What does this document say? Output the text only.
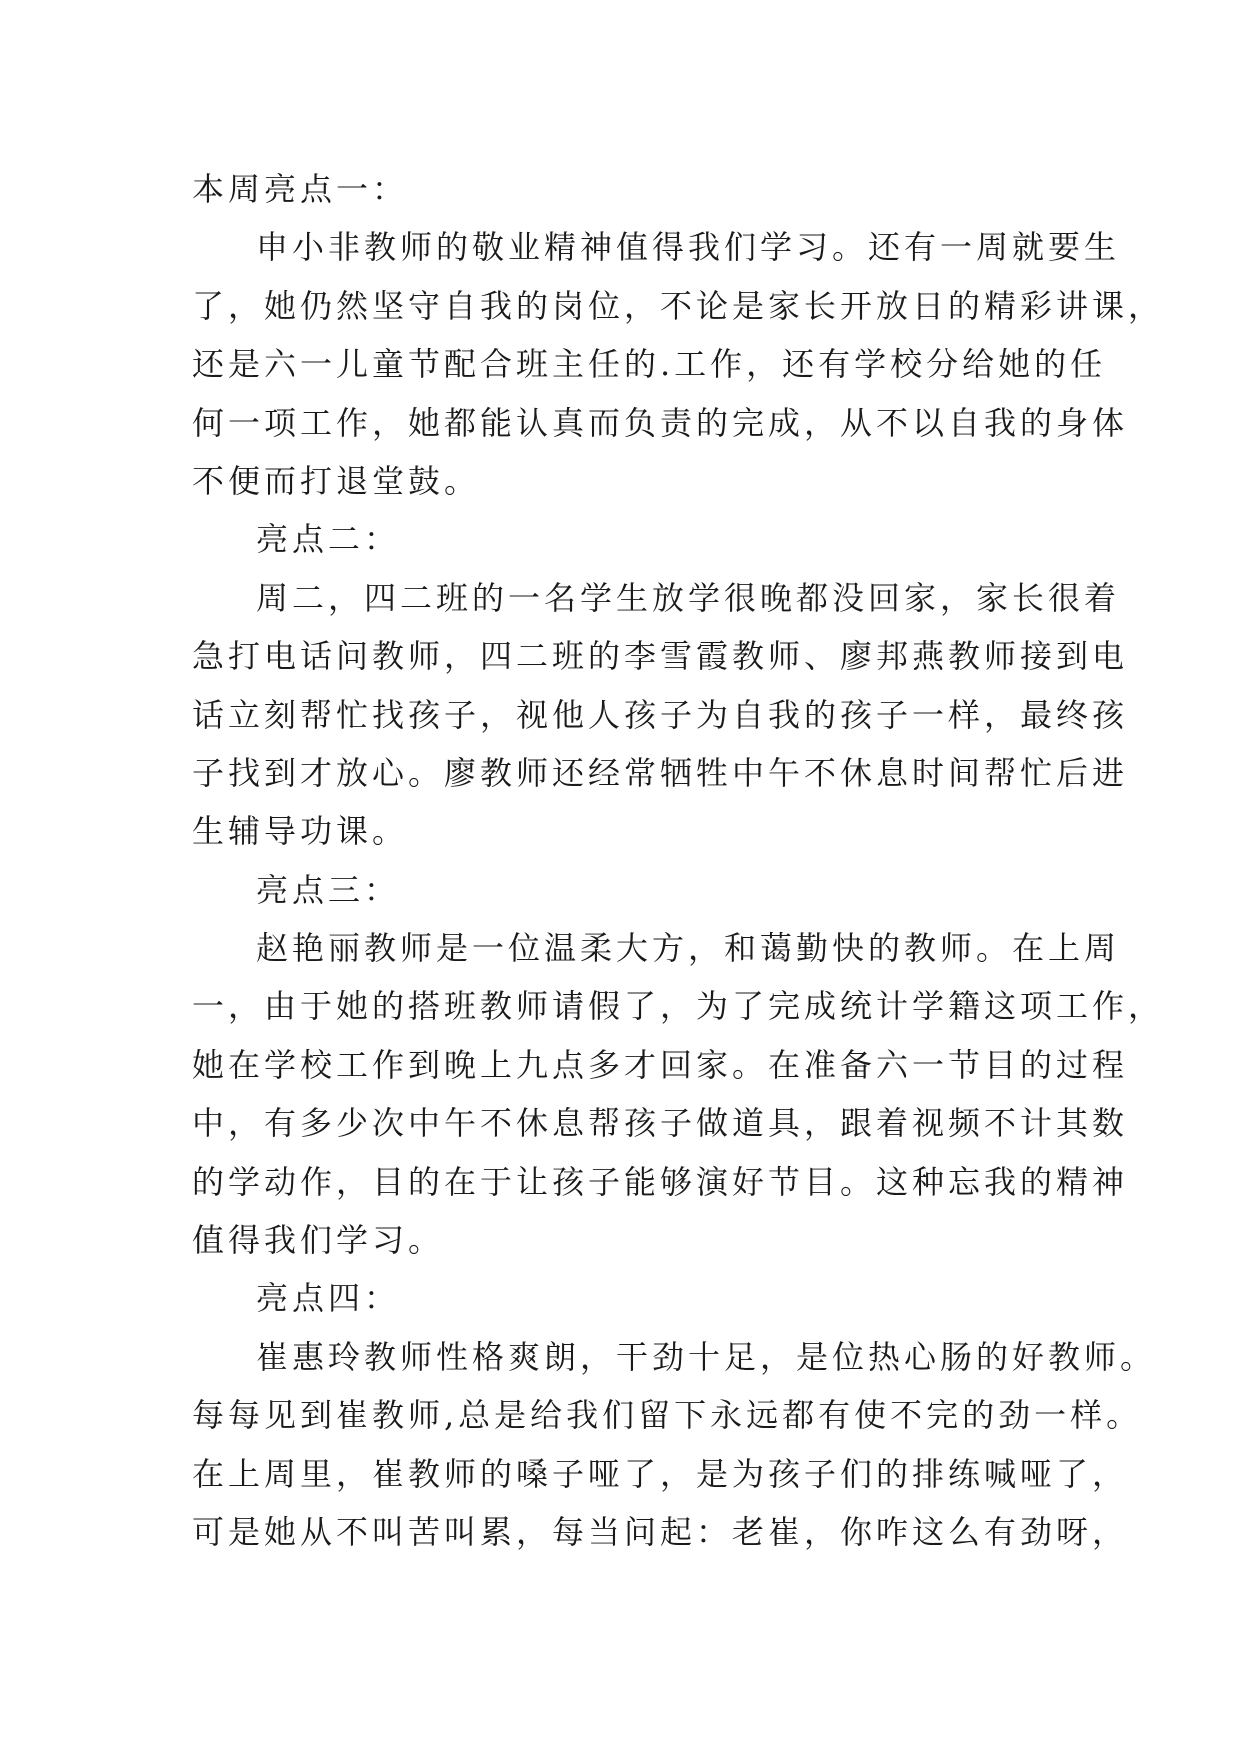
本周亮点一：
申小非教师的敬业精神值得我们学习。还有一周就要生
了，她仍然坚守自我的岗位，不论是家长开放日的精彩讲课，
还是六一儿童节配合班主任的.工作，还有学校分给她的任
何一项工作，她都能认真而负责的完成，从不以自我的身体
不便而打退堂鼓。
亮点二：
周二，四二班的一名学生放学很晚都没回家，家长很着
急打电话问教师，四二班的李雪霞教师、廖邦燕教师接到电
话立刻帮忙找孩子，视他人孩子为自我的孩子一样，最终孩
子找到才放心。廖教师还经常牺牲中午不休息时间帮忙后进
生辅导功课。
亮点三：
赵艳丽教师是一位温柔大方，和蔼勤快的教师。在上周
一，由于她的搭班教师请假了，为了完成统计学籍这项工作，
她在学校工作到晚上九点多才回家。在准备六一节目的过程
中，有多少次中午不休息帮孩子做道具，跟着视频不计其数
的学动作，目的在于让孩子能够演好节目。这种忘我的精神
值得我们学习。
亮点四：
崔惠玲教师性格爽朗，干劲十足，是位热心肠的好教师。
每每见到崔教师,总是给我们留下永远都有使不完的劲一样。
在上周里，崔教师的嗓子哑了，是为孩子们的排练喊哑了，
可是她从不叫苦叫累，每当问起：老崔，你咋这么有劲呀，
